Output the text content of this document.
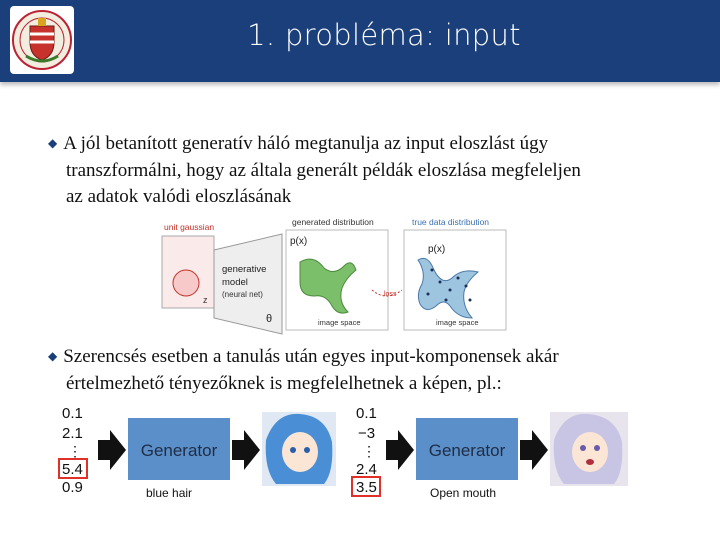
1. probléma: input
◆ A jól betanított generatív háló megtanulja az input eloszlást úgy
transzformálni, hogy az általa generált példák eloszlása megfeleljen
az adatok valódi eloszlásának
unit gaussian
z
generative
model
(neural net)
θ
generated distribution
p(x)
image space
loss
true data distribution
p(x)
image space
◆ Szerencsés esetben a tanulás után egyes input-komponensek akár
értelmezhető tényezőknek is megfelelhetnek a képen, pl.:
0.1
2.1
⋮
5.4
0.9
Generator
blue hair
0.1
−3
⋮
2.4
3.5
Generator
Open mouth
